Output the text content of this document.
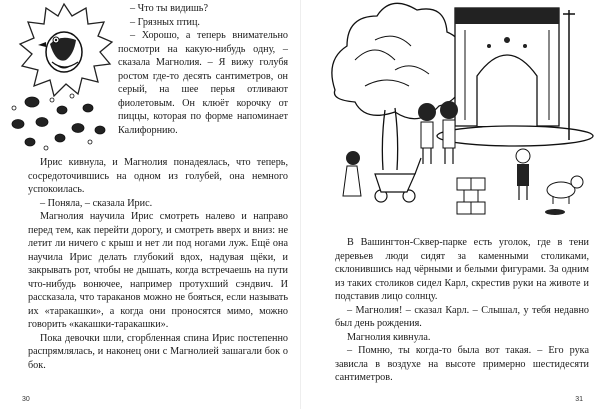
– Что ты видишь?

– Грязных птиц.

– Хорошо, а теперь внимательно посмотри на какую-нибудь одну, – сказала Магнолия. – Я вижу голубя ростом где-то десять сантиметров, он серый, на шее перья отливают фиолетовым. Он клюёт корочку от пиццы, которая по форме напоминает Калифорнию.

Ирис кивнула, и Магнолия понадеялась, что теперь, сосредоточившись на одном из голубей, она немного успокоилась.

– Поняла, – сказала Ирис.

Магнолия научила Ирис смотреть налево и направо перед тем, как перейти дорогу, и смотреть вверх и вниз: не летит ли ничего с крыш и нет ли под ногами луж. Ещё она научила Ирис делать глубокий вдох, надувая щёки, и закрывать рот, чтобы не дышать, когда встречаешь на пути что-нибудь вонючее, например протухший сэндвич. И рассказала, что тараканов можно не бояться, если называть их «таракашки», а когда они проносятся мимо, можно говорить «какашки-таракашки».

Пока девочки шли, сгорбленная спина Ирис постепенно распрямлялась, и наконец они с Магнолией зашагали бок о бок.

30

В Вашингтон-Сквер-парке есть уголок, где в тени деревьев люди сидят за каменными столиками, склонившись над чёрными и белыми фигурами. За одним из таких столиков сидел Карл, скрестив руки на животе и подставив лицо солнцу.

– Магнолия! – сказал Карл. – Слышал, у тебя недавно был день рождения.

Магнолия кивнула.

– Помню, ты когда-то была вот такая. – Его рука зависла в воздухе на высоте примерно шестидесяти сантиметров.

31
